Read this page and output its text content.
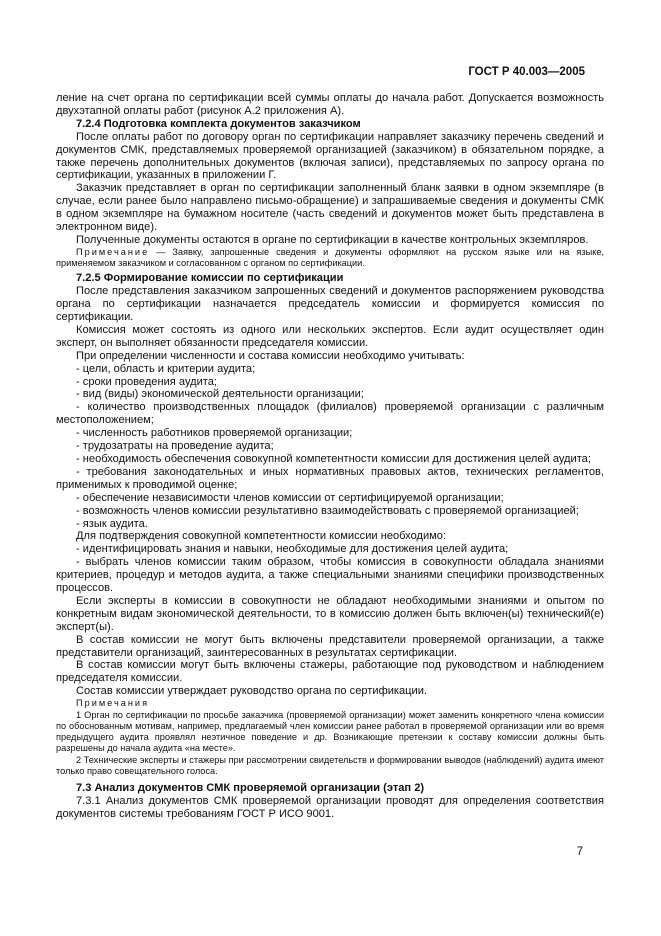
ГОСТ Р 40.003—2005

ление на счет органа по сертификации всей суммы оплаты до начала работ. Допускается возможность двухэтапной оплаты работ (рисунок А.2 приложения А).

7.2.4 Подготовка комплекта документов заказчиком

После оплаты работ по договору орган по сертификации направляет заказчику перечень сведений и документов СМК, представляемых проверяемой организацией (заказчиком) в обязательном порядке, а также перечень дополнительных документов (включая записи), представляемых по запросу органа по сертификации, указанных в приложении Г.

Заказчик представляет в орган по сертификации заполненный бланк заявки в одном экземпляре (в случае, если ранее было направлено письмо-обращение) и запрашиваемые сведения и документы СМК в одном экземпляре на бумажном носителе (часть сведений и документов может быть представлена в электронном виде).

Полученные документы остаются в органе по сертификации в качестве контрольных экземпляров.

Примечание — Заявку, запрошенные сведения и документы оформляют на русском языке или на языке, применяемом заказчиком и согласованном с органом по сертификации.

7.2.5 Формирование комиссии по сертификации

После представления заказчиком запрошенных сведений и документов распоряжением руководства органа по сертификации назначается председатель комиссии и формируется комиссия по сертификации.

Комиссия может состоять из одного или нескольких экспертов. Если аудит осуществляет один эксперт, он выполняет обязанности председателя комиссии.

При определении численности и состава комиссии необходимо учитывать:

- цели, область и критерии аудита;

- сроки проведения аудита;

- вид (виды) экономической деятельности организации;

- количество производственных площадок (филиалов) проверяемой организации с различным местоположением;

- численность работников проверяемой организации;

- трудозатраты на проведение аудита;

- необходимость обеспечения совокупной компетентности комиссии для достижения целей аудита;

- требования законодательных и иных нормативных правовых актов, технических регламентов, применимых к проводимой оценке;

- обеспечение независимости членов комиссии от сертифицируемой организации;

- возможность членов комиссии результативно взаимодействовать с проверяемой организацией;

- язык аудита.

Для подтверждения совокупной компетентности комиссии необходимо:

- идентифицировать знания и навыки, необходимые для достижения целей аудита;

- выбрать членов комиссии таким образом, чтобы комиссия в совокупности обладала знаниями критериев, процедур и методов аудита, а также специальными знаниями специфики производственных процессов.

Если эксперты в комиссии в совокупности не обладают необходимыми знаниями и опытом по конкретным видам экономической деятельности, то в комиссию должен быть включен(ы) технический(е) эксперт(ы).

В состав комиссии не могут быть включены представители проверяемой организации, а также представители организаций, заинтересованных в результатах сертификации.

В состав комиссии могут быть включены стажеры, работающие под руководством и наблюдением председателя комиссии.

Состав комиссии утверждает руководство органа по сертификации.

Примечания

1 Орган по сертификации по просьбе заказчика (проверяемой организации) может заменить конкретного члена комиссии по обоснованным мотивам, например, предлагаемый член комиссии ранее работал в проверяемой организации или во время предыдущего аудита проявлял неэтичное поведение и др. Возникающие претензии к составу комиссии должны быть разрешены до начала аудита «на месте».

2 Технические эксперты и стажеры при рассмотрении свидетельств и формировании выводов (наблюдений) аудита имеют только право совещательного голоса.

7.3 Анализ документов СМК проверяемой организации (этап 2)

7.3.1 Анализ документов СМК проверяемой организации проводят для определения соответствия документов системы требованиям ГОСТ Р ИСО 9001.

7
